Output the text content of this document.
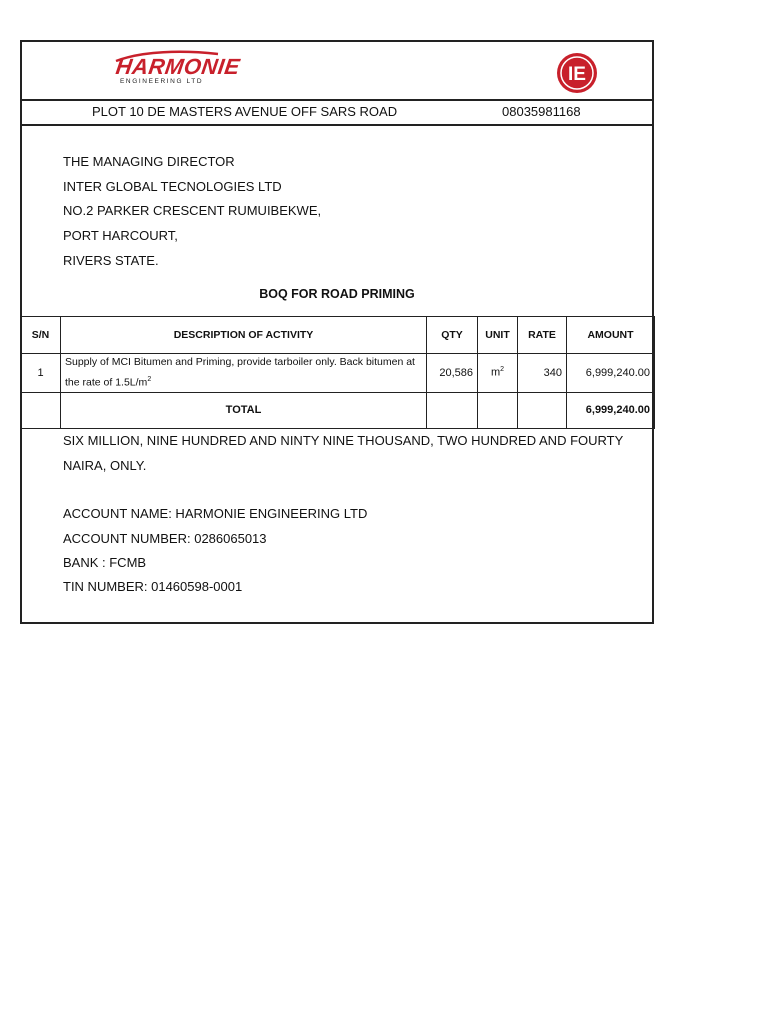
HARMONIE
ENGINEERING LTD	IE
PLOT 10 DE MASTERS AVENUE OFF SARS ROAD	08035981168
THE MANAGING DIRECTOR
INTER GLOBAL TECNOLOGIES LTD
NO.2 PARKER CRESCENT RUMUIBEKWE,
PORT HARCOURT,
RIVERS STATE.
BOQ FOR ROAD PRIMING
S/N	DESCRIPTION OF ACTIVITY	QTY	UNIT	RATE	AMOUNT
1	Supply of MCI Bitumen and Priming, provide tarboiler only. Back bitumen at the rate of $1.5L/m^2$	20,586	$m^2$	340	6,999,240.00
	TOTAL				6,999,240.00
SIX MILLION, NINE HUNDRED AND NINTY NINE THOUSAND, TWO HUNDRED AND FOURTY
NAIRA, ONLY.
ACCOUNT NAME: HARMONIE ENGINEERING LTD
ACCOUNT NUMBER: 0286065013
BANK : FCMB
TIN NUMBER: 01460598-0001
